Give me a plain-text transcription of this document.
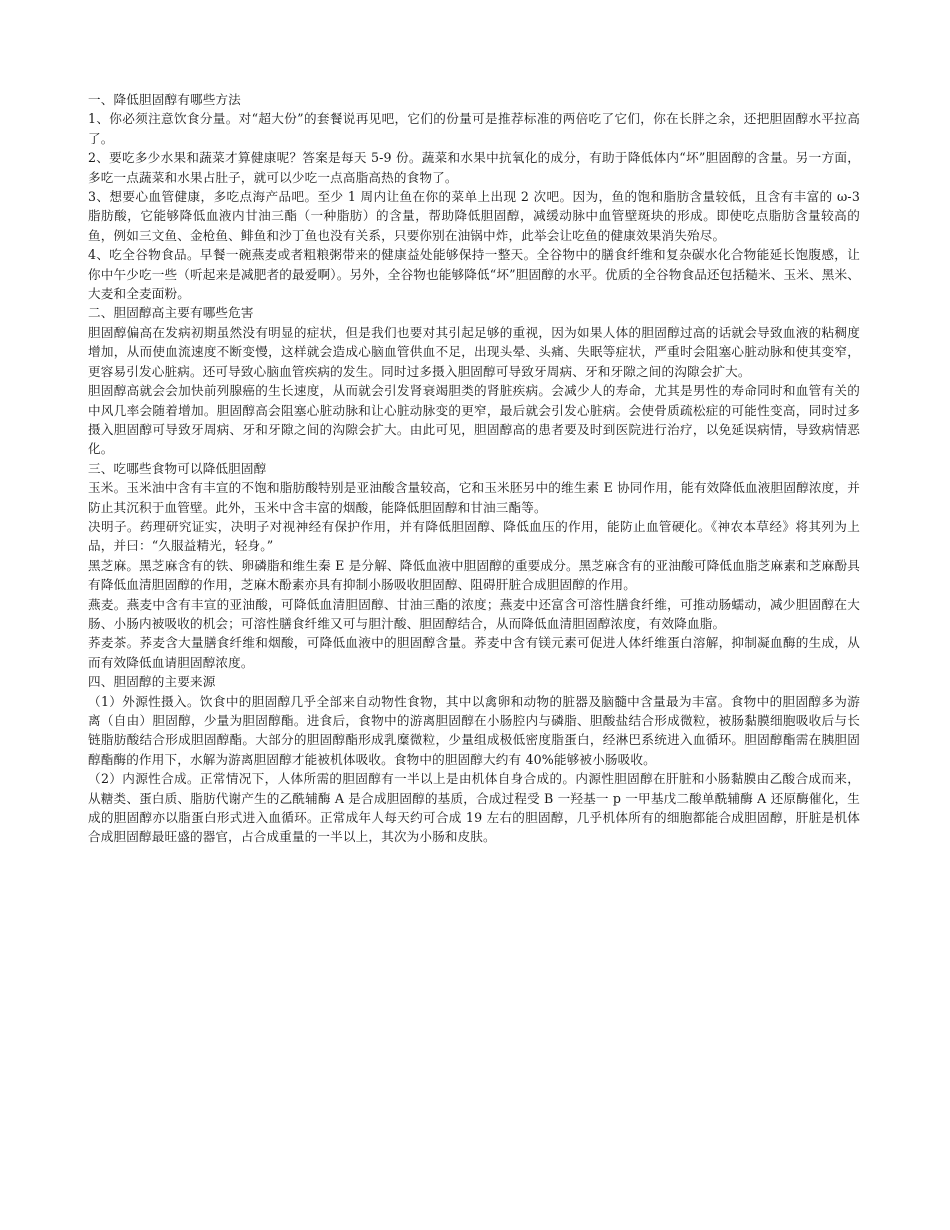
一、降低胆固醇有哪些方法

1、你必须注意饮食分量。对“超大份”的套餐说再见吧，它们的份量可是推荐标准的两倍吃了它们，你在长胖之余，还把胆固醇水平拉高了。

2、要吃多少水果和蔬菜才算健康呢？答案是每天 5-9 份。蔬菜和水果中抗氧化的成分，有助于降低体内“坏”胆固醇的含量。另一方面，多吃一点蔬菜和水果占肚子，就可以少吃一点高脂高热的食物了。

3、想要心血管健康，多吃点海产品吧。至少 1 周内让鱼在你的菜单上出现 2 次吧。因为，鱼的饱和脂肪含量较低，且含有丰富的 ω-3 脂肪酸，它能够降低血液内甘油三酯（一种脂肪）的含量，帮助降低胆固醇，减缓动脉中血管壁斑块的形成。即使吃点脂肪含量较高的鱼，例如三文鱼、金枪鱼、鲱鱼和沙丁鱼也没有关系，只要你别在油锅中炸，此举会让吃鱼的健康效果消失殆尽。

4、吃全谷物食品。早餐一碗燕麦或者粗粮粥带来的健康益处能够保持一整天。全谷物中的膳食纤维和复杂碳水化合物能延长饱腹感，让你中午少吃一些（听起来是减肥者的最爱啊）。另外，全谷物也能够降低“坏”胆固醇的水平。优质的全谷物食品还包括糙米、玉米、黑米、大麦和全麦面粉。

二、胆固醇高主要有哪些危害

胆固醇偏高在发病初期虽然没有明显的症状，但是我们也要对其引起足够的重视，因为如果人体的胆固醇过高的话就会导致血液的粘稠度增加，从而使血流速度不断变慢，这样就会造成心脑血管供血不足，出现头晕、头痛、失眠等症状，严重时会阻塞心脏动脉和使其变窄，更容易引发心脏病。还可导致心脑血管疾病的发生。同时过多摄入胆固醇可导致牙周病、牙和牙隙之间的沟隙会扩大。

胆固醇高就会会加快前列腺癌的生长速度，从而就会引发肾衰竭胆类的肾脏疾病。会减少人的寿命，尤其是男性的寿命同时和血管有关的中风几率会随着增加。胆固醇高会阻塞心脏动脉和让心脏动脉变的更窄，最后就会引发心脏病。会使骨质疏松症的可能性变高，同时过多摄入胆固醇可导致牙周病、牙和牙隙之间的沟隙会扩大。由此可见，胆固醇高的患者要及时到医院进行治疗，以免延误病情，导致病情恶化。

三、吃哪些食物可以降低胆固醇

玉米。玉米油中含有丰宣的不饱和脂肪酸特别是亚油酸含量较高，它和玉米胚另中的维生素 E 协同作用，能有效降低血液胆固醇浓度，并防止其沉积于血管壁。此外，玉米中含丰富的烟酸，能降低胆固醇和甘油三酯等。

决明子。药理研究证实，决明子对视神经有保护作用，并有降低胆固醇、降低血压的作用，能防止血管硬化。《神农本草经》将其列为上品，并曰：“久服益精光，轻身。”

黑芝麻。黑芝麻含有的铁、卵磷脂和维生秦 E 是分解、降低血液中胆固醇的重要成分。黑芝麻含有的亚油酸可降低血脂芝麻素和芝麻酚具有降低血清胆固醇的作用，芝麻木酚素亦具有抑制小肠吸收胆固醇、阻碍肝脏合成胆固醇的作用。

燕麦。燕麦中含有丰宣的亚油酸，可降低血清胆固醇、甘油三酯的浓度；燕麦中还富含可溶性膳食纤维，可推动肠蠕动，减少胆固醇在大肠、小肠内被吸收的机会；可溶性膳食纤维又可与胆汁酸、胆固醇结合，从而降低血清胆固醇浓度，有效降血脂。

荞麦茶。荞麦含大量膳食纤维和烟酸，可降低血液中的胆固醇含量。荞麦中含有镁元素可促进人体纤维蛋白溶解，抑制凝血酶的生成，从而有效降低血请胆固醇浓度。

四、胆固醇的主要来源

（1）外源性摄入。饮食中的胆固醇几乎全部来自动物性食物，其中以禽卵和动物的脏器及脑髓中含量最为丰富。食物中的胆固醇多为游离（自由）胆固醇，少量为胆固醇酯。进食后，食物中的游离胆固醇在小肠腔内与磷脂、胆酸盐结合形成微粒，被肠黏膜细胞吸收后与长链脂肪酸结合形成胆固醇酯。大部分的胆固醇酯形成乳糜微粒，少量组成极低密度脂蛋白，经淋巴系统进入血循环。胆固醇酯需在胰胆固醇酯酶的作用下，水解为游离胆固醇才能被机体吸收。食物中的胆固醇大约有 40%能够被小肠吸收。

（2）内源性合成。正常情况下，人体所需的胆固醇有一半以上是由机体自身合成的。内源性胆固醇在肝脏和小肠黏膜由乙酸合成而来，从糖类、蛋白质、脂肪代谢产生的乙酰辅酶 A 是合成胆固醇的基质，合成过程受 B 一羟基一 p 一甲基戊二酸单酰辅酶 A 还原酶催化，生成的胆固醇亦以脂蛋白形式进入血循环。正常成年人每天约可合成 19 左右的胆固醇，几乎机体所有的细胞都能合成胆固醇，肝脏是机体合成胆固醇最旺盛的器官，占合成重量的一半以上，其次为小肠和皮肤。
